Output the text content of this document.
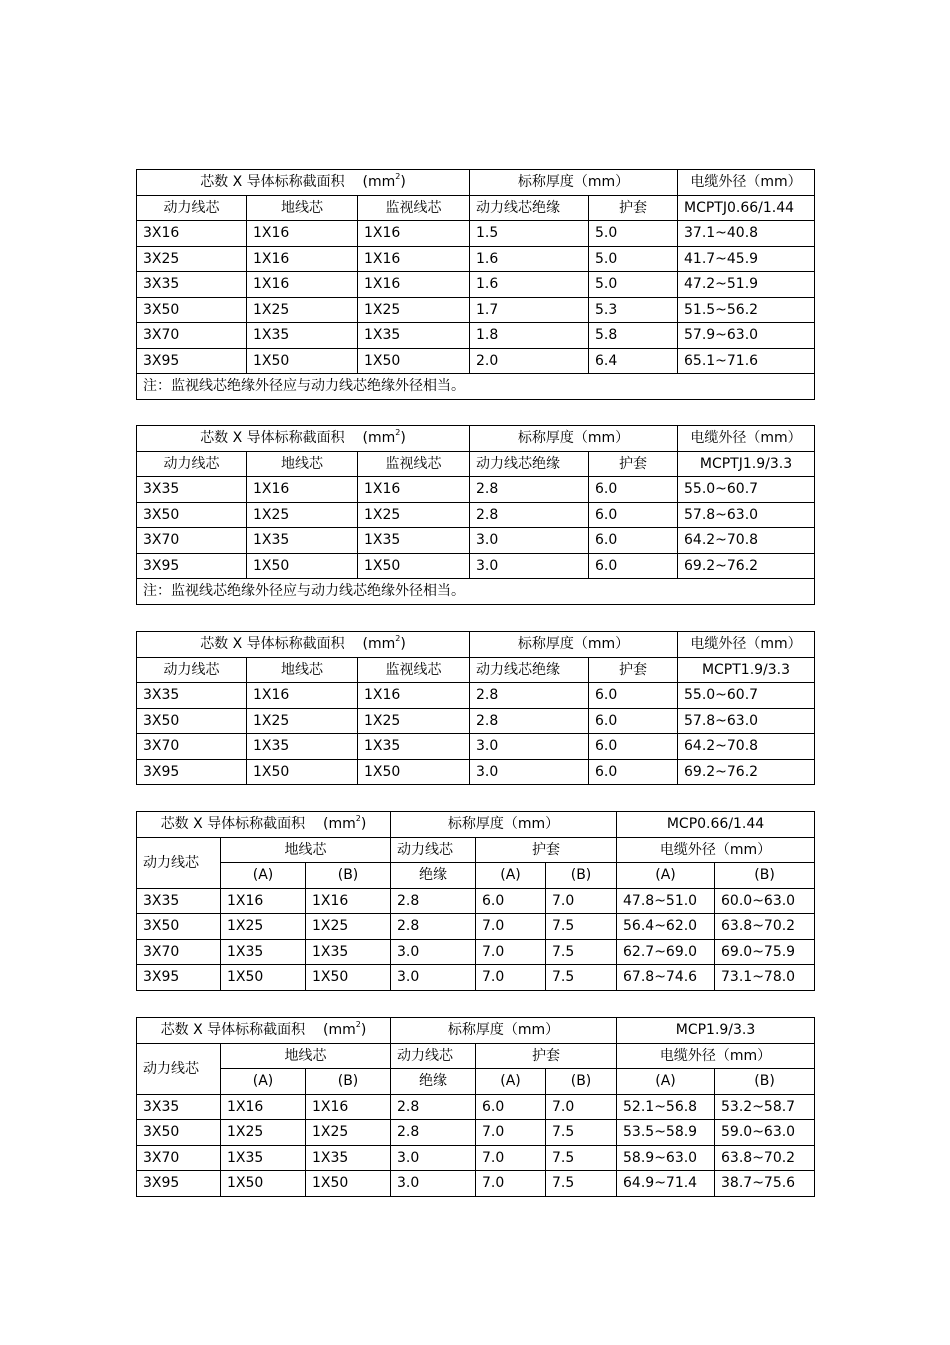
芯数 X 导体标称截面积 $(mm^2)$			标称厚度（mm）		电缆外径（mm）
动力线芯	地线芯	监视线芯	动力线芯绝缘	护套	MCPTJ0.66/1.44
3X16	1X16	1X16	1.5	5.0	37.1~40.8
3X25	1X16	1X16	1.6	5.0	41.7~45.9
3X35	1X16	1X16	1.6	5.0	47.2~51.9
3X50	1X25	1X25	1.7	5.3	51.5~56.2
3X70	1X35	1X35	1.8	5.8	57.9~63.0
3X95	1X50	1X50	2.0	6.4	65.1~71.6
注：监视线芯绝缘外径应与动力线芯绝缘外径相当。					
芯数 X 导体标称截面积 $(mm^2)$			标称厚度（mm）		电缆外径（mm）
动力线芯	地线芯	监视线芯	动力线芯绝缘	护套	MCPTJ1.9/3.3
3X35	1X16	1X16	2.8	6.0	55.0~60.7
3X50	1X25	1X25	2.8	6.0	57.8~63.0
3X70	1X35	1X35	3.0	6.0	64.2~70.8
3X95	1X50	1X50	3.0	6.0	69.2~76.2
注：监视线芯绝缘外径应与动力线芯绝缘外径相当。					
芯数 X 导体标称截面积 $(mm^2)$			标称厚度（mm）		电缆外径（mm）
动力线芯	地线芯	监视线芯	动力线芯绝缘	护套	MCPT1.9/3.3
3X35	1X16	1X16	2.8	6.0	55.0~60.7
3X50	1X25	1X25	2.8	6.0	57.8~63.0
3X70	1X35	1X35	3.0	6.0	64.2~70.8
3X95	1X50	1X50	3.0	6.0	69.2~76.2
芯数 X 导体标称截面积 $(mm^2)$			标称厚度（mm）			MCP0.66/1.44	
动力线芯	地线芯		动力线芯	护套		电缆外径（mm）	
	(A)	(B)	绝缘	(A)	(B)	(A)	(B)
3X35	1X16	1X16	2.8	6.0	7.0	47.8~51.0	60.0~63.0
3X50	1X25	1X25	2.8	7.0	7.5	56.4~62.0	63.8~70.2
3X70	1X35	1X35	3.0	7.0	7.5	62.7~69.0	69.0~75.9
3X95	1X50	1X50	3.0	7.0	7.5	67.8~74.6	73.1~78.0
芯数 X 导体标称截面积 $(mm^2)$			标称厚度（mm）			MCP1.9/3.3	
动力线芯	地线芯		动力线芯	护套		电缆外径（mm）	
	(A)	(B)	绝缘	(A)	(B)	(A)	(B)
3X35	1X16	1X16	2.8	6.0	7.0	52.1~56.8	53.2~58.7
3X50	1X25	1X25	2.8	7.0	7.5	53.5~58.9	59.0~63.0
3X70	1X35	1X35	3.0	7.0	7.5	58.9~63.0	63.8~70.2
3X95	1X50	1X50	3.0	7.0	7.5	64.9~71.4	38.7~75.6
